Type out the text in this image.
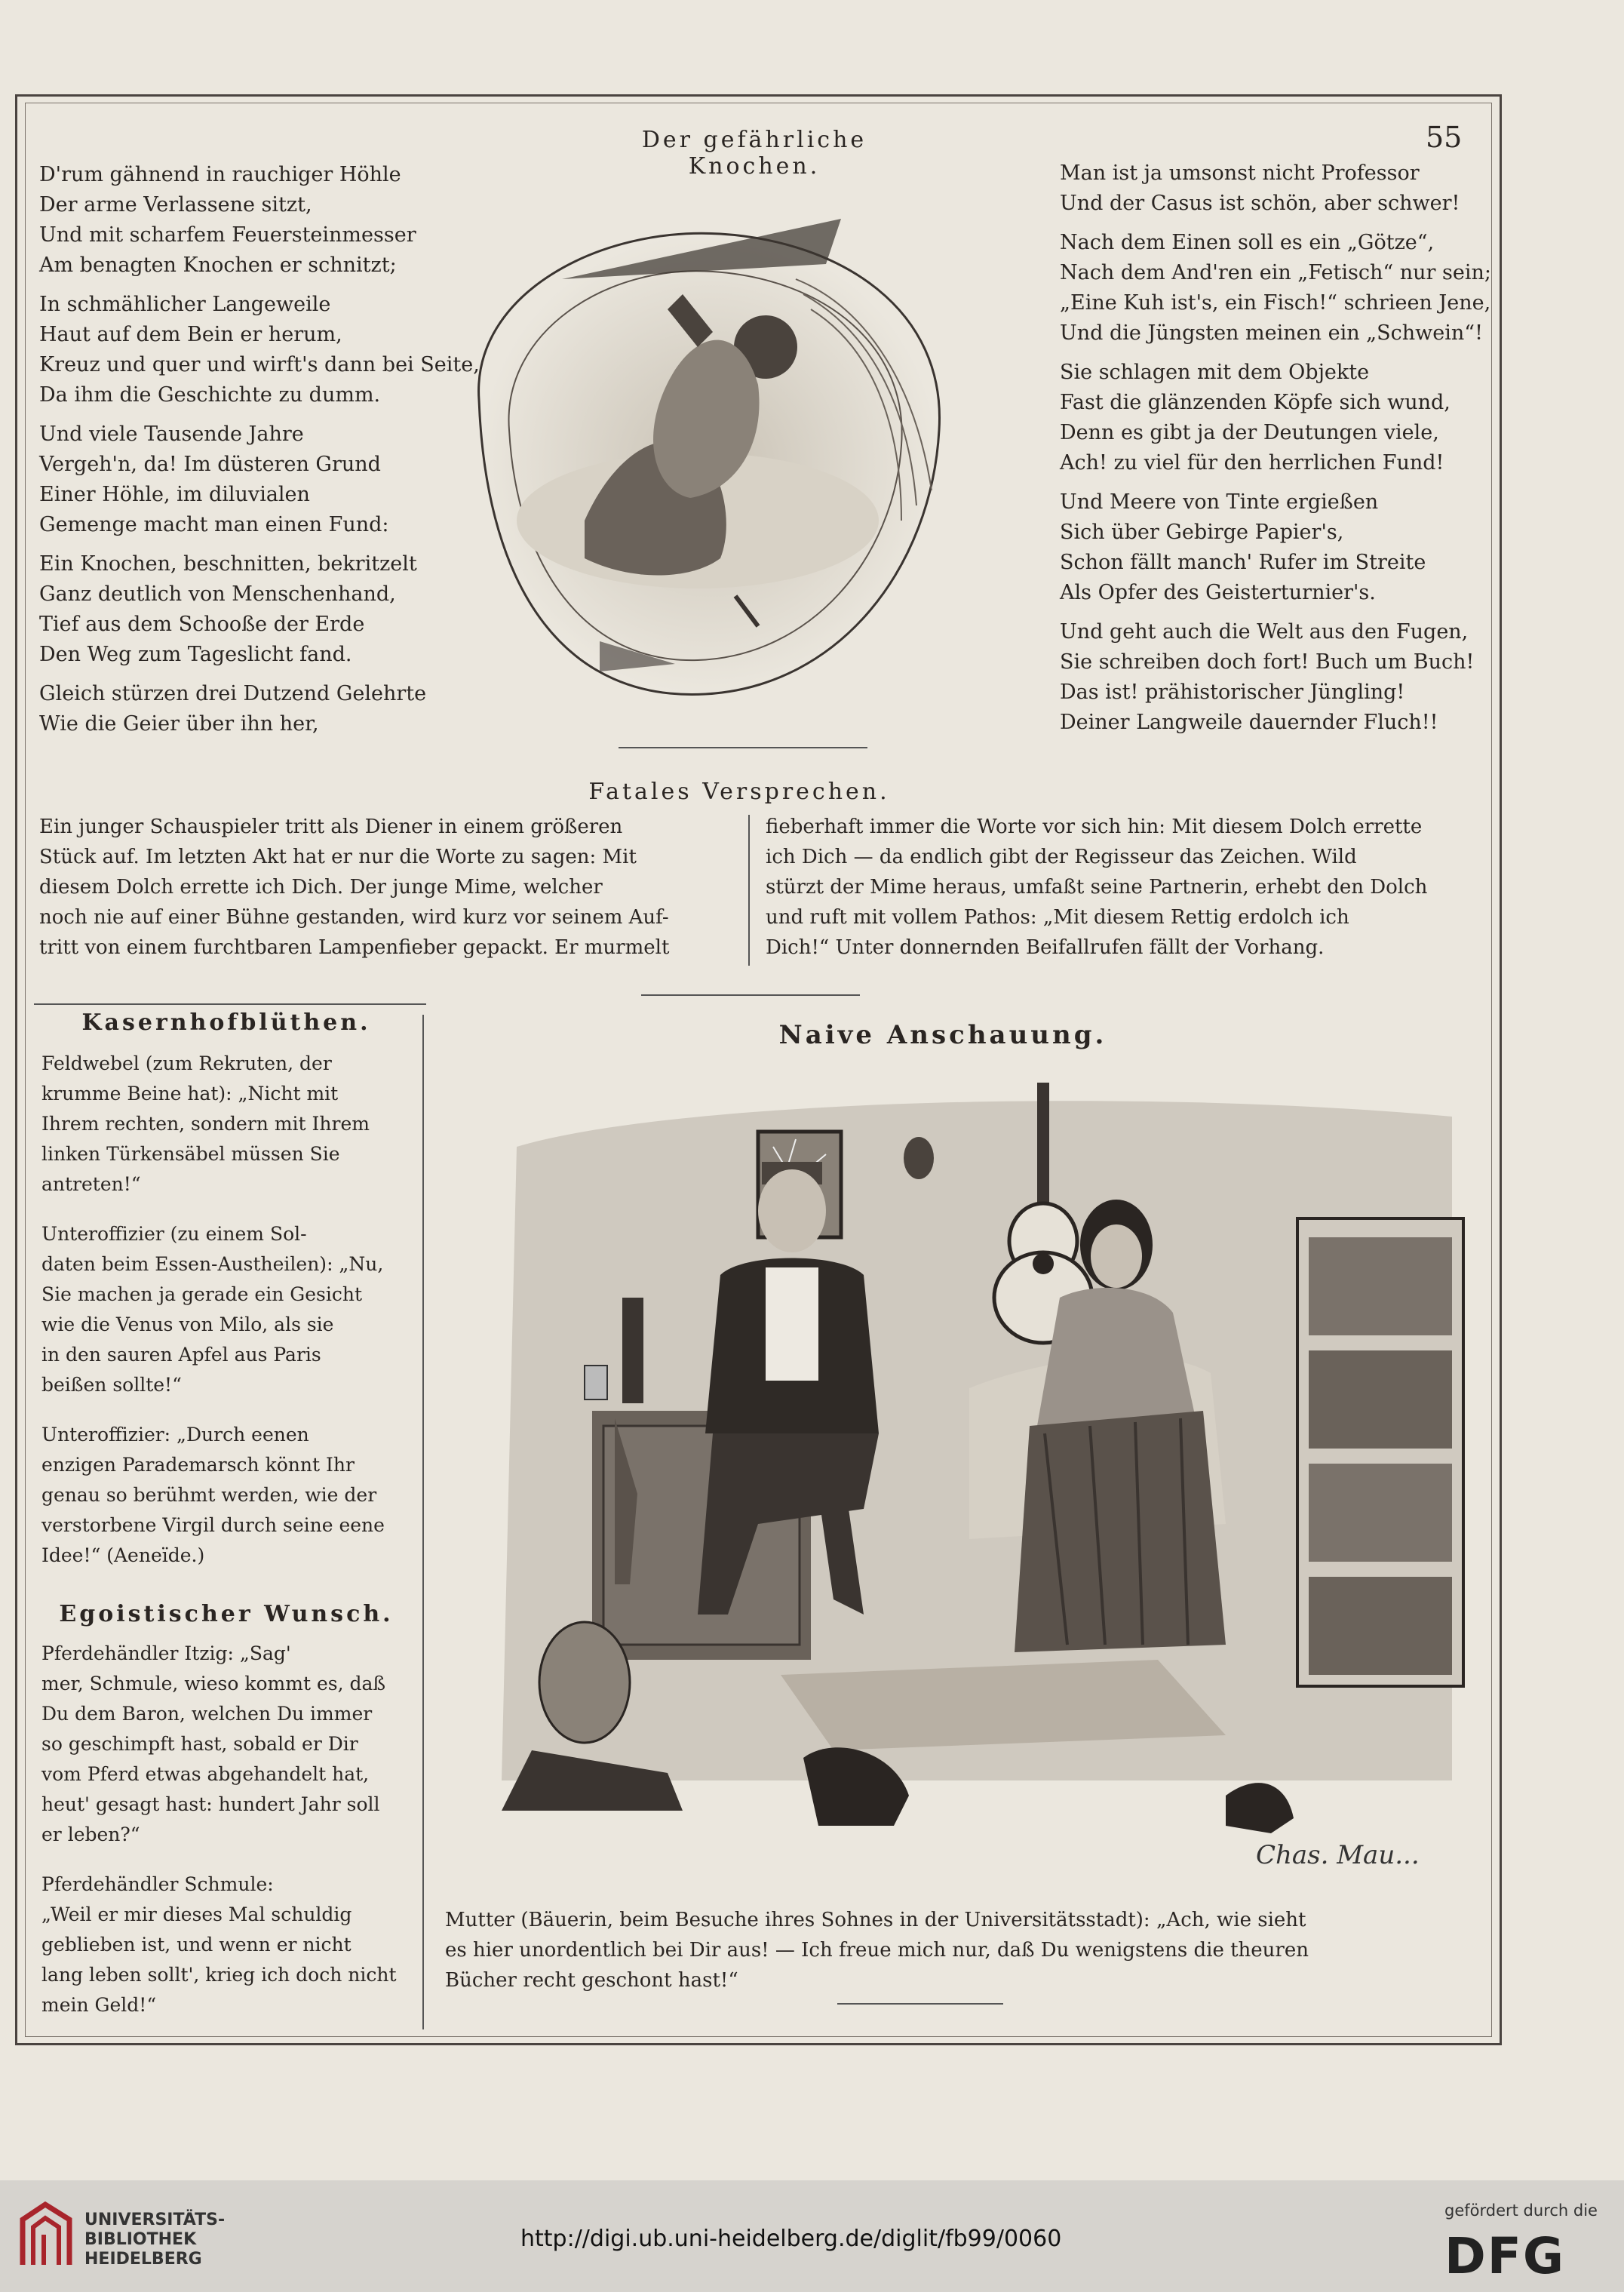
Der gefährliche Knochen.
55
D'rum gähnend in rauchiger Höhle
Der arme Verlassene sitzt,
Und mit scharfem Feuersteinmesser
Am benagten Knochen er schnitzt;
In schmählicher Langeweile
Haut auf dem Bein er herum,
Kreuz und quer und wirft's dann bei Seite,
Da ihm die Geschichte zu dumm.
Und viele Tausende Jahre
Vergeh'n, da! Im düsteren Grund
Einer Höhle, im diluvialen
Gemenge macht man einen Fund:
Ein Knochen, beschnitten, bekritzelt
Ganz deutlich von Menschenhand,
Tief aus dem Schooße der Erde
Den Weg zum Tageslicht fand.
Gleich stürzen drei Dutzend Gelehrte
Wie die Geier über ihn her,
Man ist ja umsonst nicht Professor
Und der Casus ist schön, aber schwer!
Nach dem Einen soll es ein „Götze“,
Nach dem And'ren ein „Fetisch“ nur sein;
„Eine Kuh ist's, ein Fisch!“ schrieen Jene,
Und die Jüngsten meinen ein „Schwein“!
Sie schlagen mit dem Objekte
Fast die glänzenden Köpfe sich wund,
Denn es gibt ja der Deutungen viele,
Ach! zu viel für den herrlichen Fund!
Und Meere von Tinte ergießen
Sich über Gebirge Papier's,
Schon fällt manch' Rufer im Streite
Als Opfer des Geisterturnier's.
Und geht auch die Welt aus den Fugen,
Sie schreiben doch fort! Buch um Buch!
Das ist! prähistorischer Jüngling!
Deiner Langweile dauernder Fluch!!
Fatales Versprechen.
Ein junger Schauspieler tritt als Diener in einem größeren
Stück auf. Im letzten Akt hat er nur die Worte zu sagen: Mit
diesem Dolch errette ich Dich. Der junge Mime, welcher
noch nie auf einer Bühne gestanden, wird kurz vor seinem Auf-
tritt von einem furchtbaren Lampenfieber gepackt. Er murmelt
fieberhaft immer die Worte vor sich hin: Mit diesem Dolch errette
ich Dich — da endlich gibt der Regisseur das Zeichen. Wild
stürzt der Mime heraus, umfaßt seine Partnerin, erhebt den Dolch
und ruft mit vollem Pathos: „Mit diesem Rettig erdolch ich
Dich!“ Unter donnernden Beifallrufen fällt der Vorhang.
Kasernhofblüthen.
Feldwebel (zum Rekruten, der
krumme Beine hat): „Nicht mit
Ihrem rechten, sondern mit Ihrem
linken Türkensäbel müssen Sie
antreten!“
Unteroffizier (zu einem Sol-
daten beim Essen-Austheilen): „Nu,
Sie machen ja gerade ein Gesicht
wie die Venus von Milo, als sie
in den sauren Apfel aus Paris
beißen sollte!“
Unteroffizier: „Durch eenen
enzigen Parademarsch könnt Ihr
genau so berühmt werden, wie der
verstorbene Virgil durch seine eene
Idee!“ (Aeneïde.)
Egoistischer Wunsch.
Pferdehändler Itzig: „Sag'
mer, Schmule, wieso kommt es, daß
Du dem Baron, welchen Du immer
so geschimpft hast, sobald er Dir
vom Pferd etwas abgehandelt hat,
heut' gesagt hast: hundert Jahr soll
er leben?“
Pferdehändler Schmule:
„Weil er mir dieses Mal schuldig
geblieben ist, und wenn er nicht
lang leben sollt', krieg ich doch nicht
mein Geld!“
Naive Anschauung.
Chas. Mau...
Mutter (Bäuerin, beim Besuche ihres Sohnes in der Universitätsstadt): „Ach, wie sieht
es hier unordentlich bei Dir aus! — Ich freue mich nur, daß Du wenigstens die theuren
Bücher recht geschont hast!“
UNIVERSITÄTS-
BIBLIOTHEK
HEIDELBERG
http://digi.ub.uni-heidelberg.de/diglit/fb99/0060
gefördert durch die
DFG
